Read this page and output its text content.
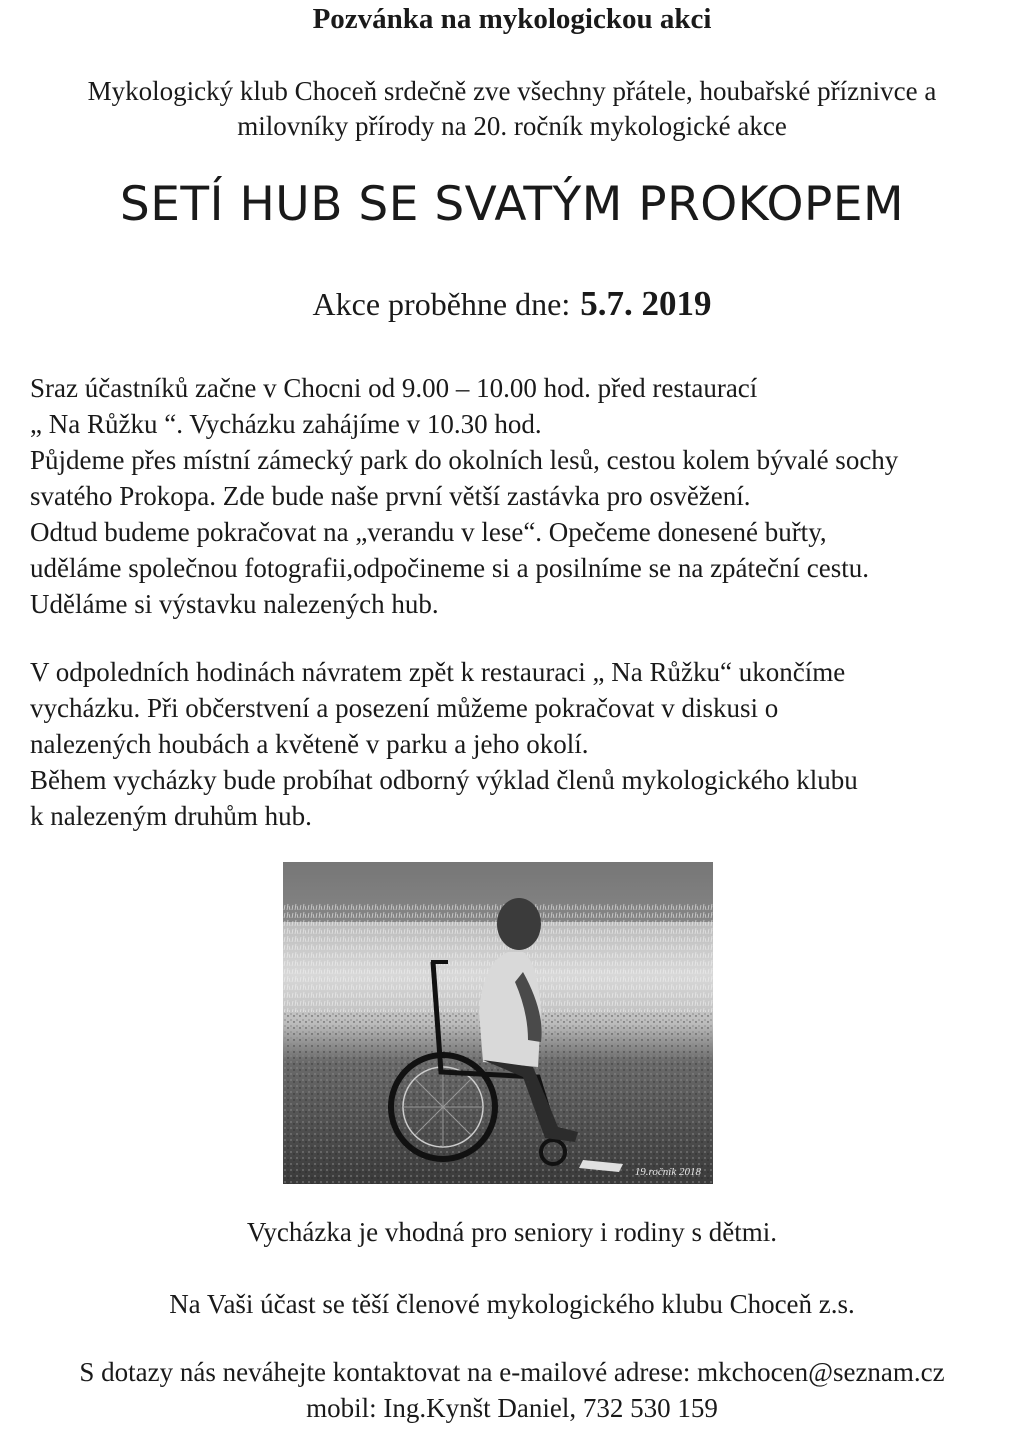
Pozvánka na mykologickou akci
Mykologický klub Choceň srdečně zve všechny přátele, houbařské příznivce a
milovníky přírody na 20. ročník mykologické akce
SETÍ HUB SE SVATÝM PROKOPEM
Akce proběhne dne: 5.7. 2019
Sraz účastníků začne v Chocni od 9.00 – 10.00 hod. před restaurací
„ Na Růžku “. Vycházku zahájíme v 10.30 hod.
Půjdeme přes místní zámecký park do okolních lesů, cestou kolem bývalé sochy
svatého Prokopa. Zde bude naše první větší zastávka pro osvěžení.
Odtud budeme pokračovat na „verandu v lese“. Opečeme donesené buřty,
uděláme společnou fotografii,odpočineme si a posilníme se na zpáteční cestu.
Uděláme si výstavku nalezených hub.
V odpoledních hodinách návratem zpět k restauraci „ Na Růžku“ ukončíme
vycházku. Při občerstvení a posezení můžeme pokračovat v diskusi o
nalezených houbách a květeně v parku a jeho okolí.
Během vycházky bude probíhat odborný výklad členů mykologického klubu
k nalezeným druhům hub.
19.ročník 2018
Vycházka je vhodná pro seniory i rodiny s dětmi.
Na Vaši účast se těší členové mykologického klubu Choceň z.s.
S dotazy nás neváhejte kontaktovat na e-mailové adrese: mkchocen@seznam.cz
mobil: Ing.Kynšt Daniel, 732 530 159
